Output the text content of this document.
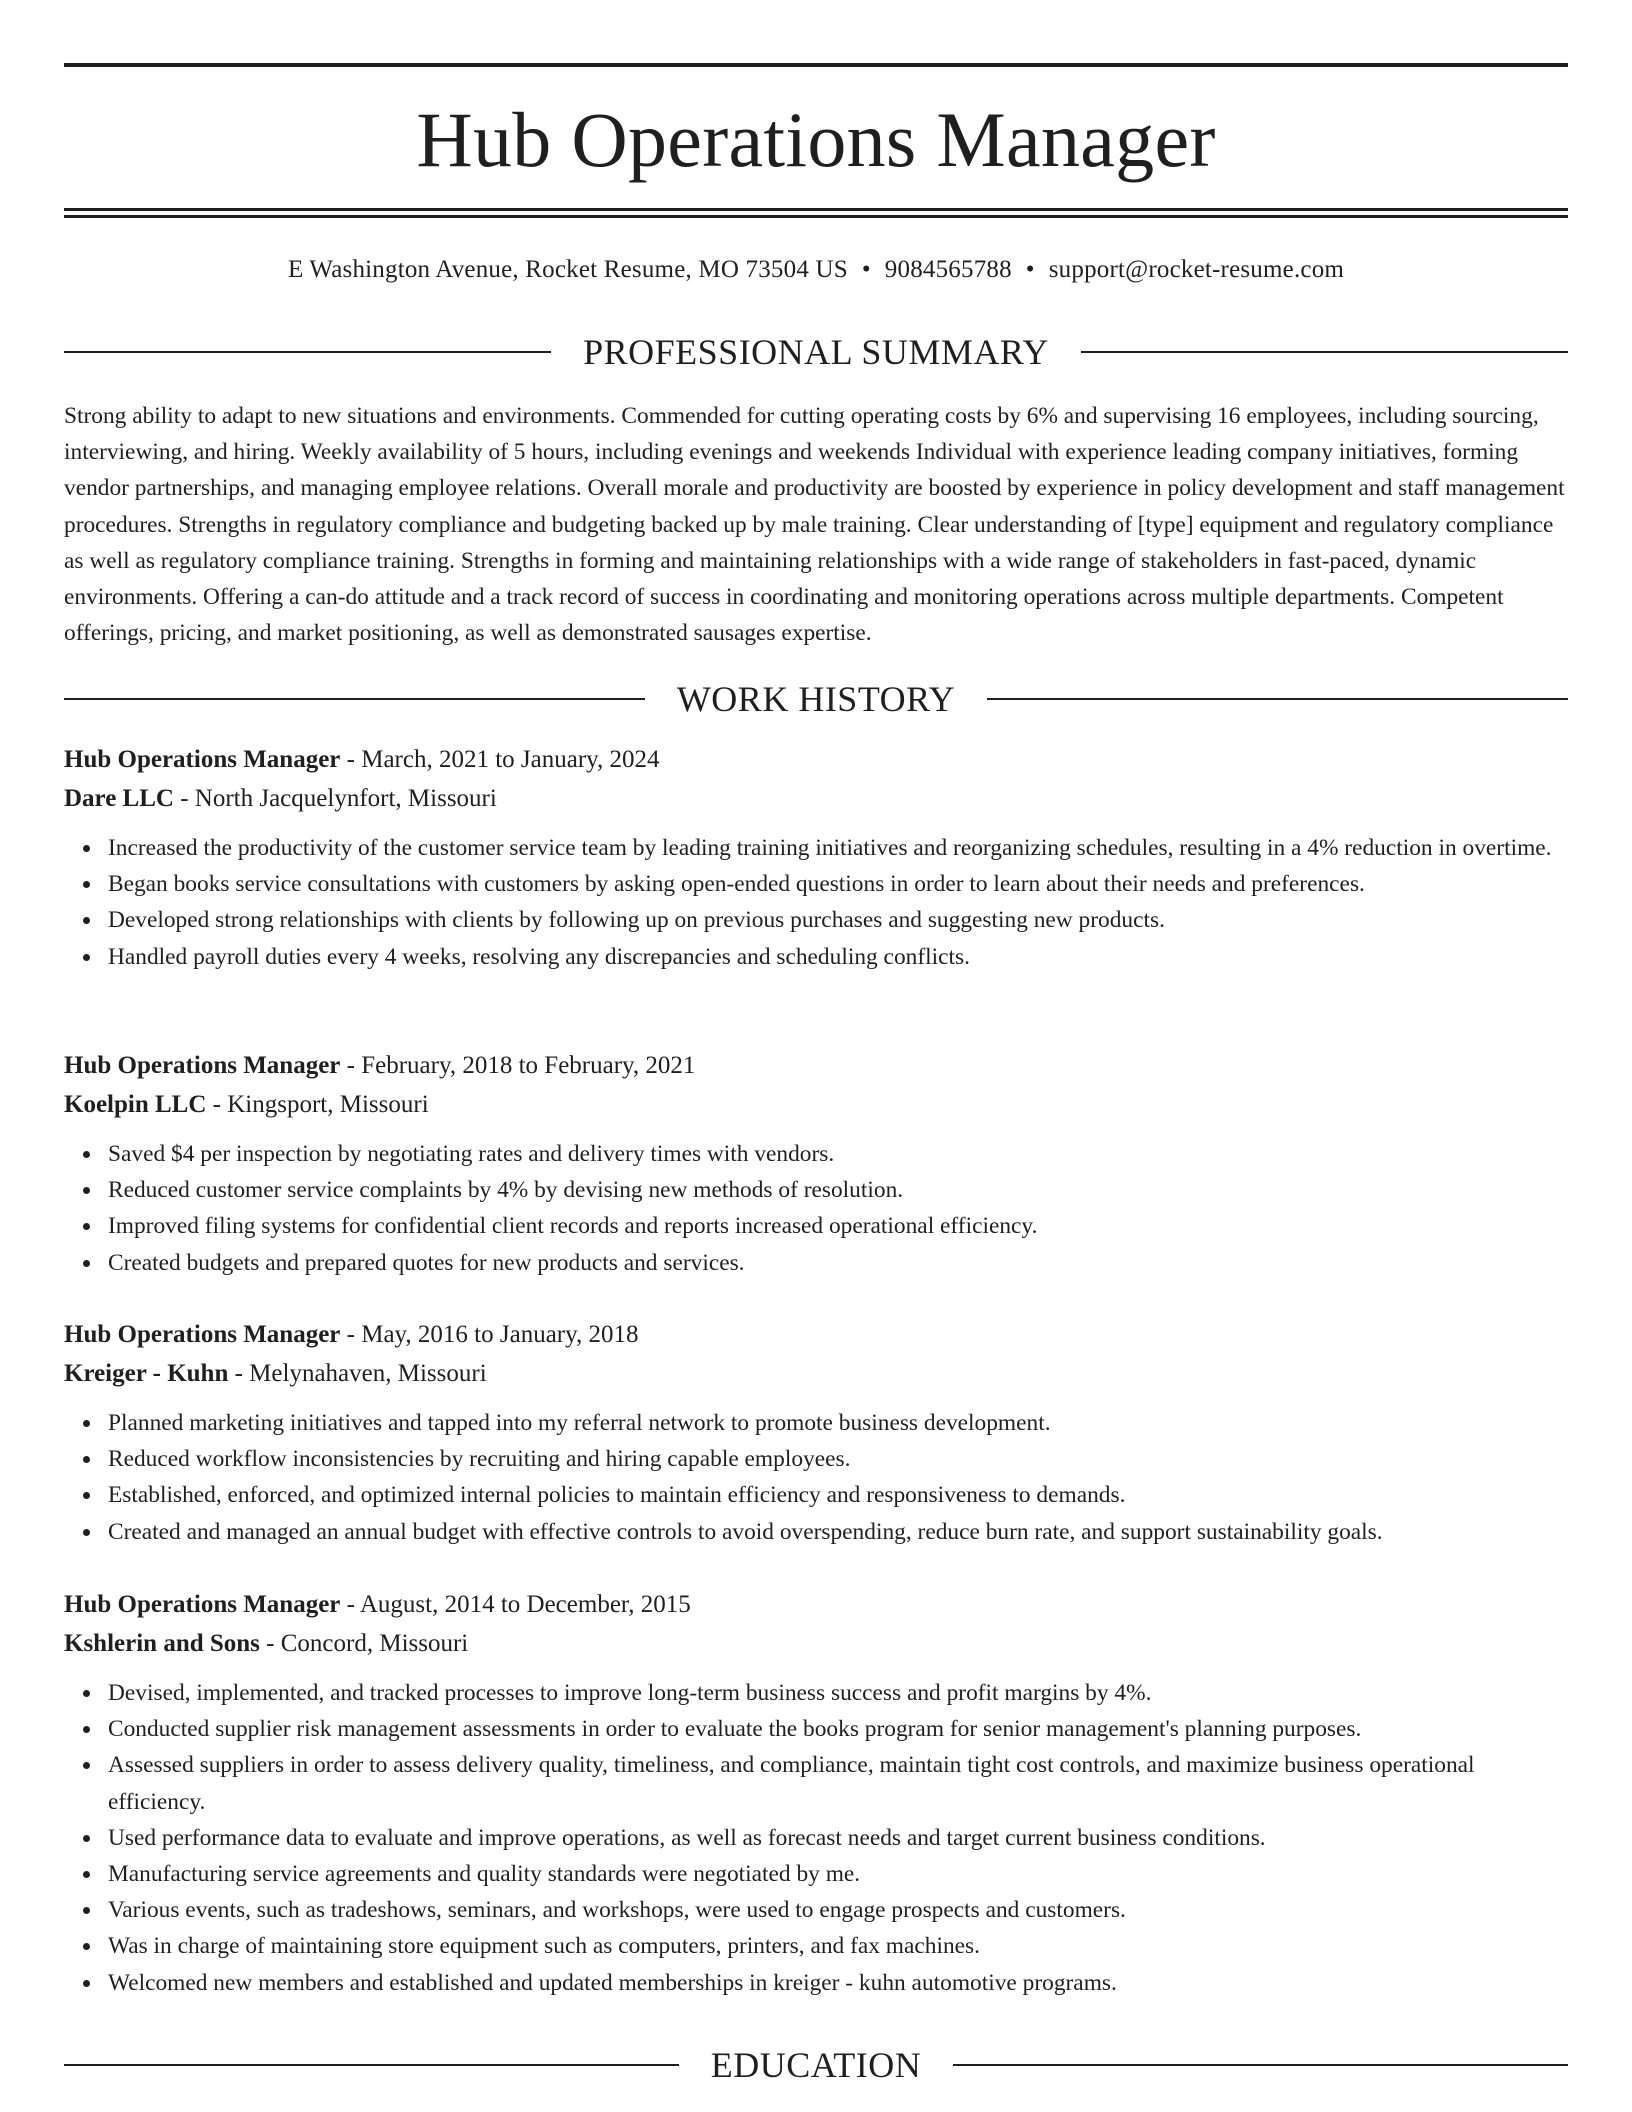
Hub Operations Manager
E Washington Avenue, Rocket Resume, MO 73504 US • 9084565788 • support@rocket-resume.com
PROFESSIONAL SUMMARY

Strong ability to adapt to new situations and environments. Commended for cutting operating costs by 6% and supervising 16 employees, including sourcing, interviewing, and hiring. Weekly availability of 5 hours, including evenings and weekends Individual with experience leading company initiatives, forming vendor partnerships, and managing employee relations. Overall morale and productivity are boosted by experience in policy development and staff management procedures. Strengths in regulatory compliance and budgeting backed up by male training. Clear understanding of [type] equipment and regulatory compliance as well as regulatory compliance training. Strengths in forming and maintaining relationships with a wide range of stakeholders in fast-paced, dynamic environments. Offering a can-do attitude and a track record of success in coordinating and monitoring operations across multiple departments. Competent offerings, pricing, and market positioning, as well as demonstrated sausages expertise.

WORK HISTORY

Hub Operations Manager - March, 2021 to January, 2024

Dare LLC - North Jacquelynfort, Missouri

Increased the productivity of the customer service team by leading training initiatives and reorganizing schedules, resulting in a 4% reduction in overtime.
Began books service consultations with customers by asking open-ended questions in order to learn about their needs and preferences.
Developed strong relationships with clients by following up on previous purchases and suggesting new products.
Handled payroll duties every 4 weeks, resolving any discrepancies and scheduling conflicts.

Hub Operations Manager - February, 2018 to February, 2021

Koelpin LLC - Kingsport, Missouri

Saved $4 per inspection by negotiating rates and delivery times with vendors.
Reduced customer service complaints by 4% by devising new methods of resolution.
Improved filing systems for confidential client records and reports increased operational efficiency.
Created budgets and prepared quotes for new products and services.

Hub Operations Manager - May, 2016 to January, 2018

Kreiger - Kuhn - Melynahaven, Missouri

Planned marketing initiatives and tapped into my referral network to promote business development.
Reduced workflow inconsistencies by recruiting and hiring capable employees.
Established, enforced, and optimized internal policies to maintain efficiency and responsiveness to demands.
Created and managed an annual budget with effective controls to avoid overspending, reduce burn rate, and support sustainability goals.

Hub Operations Manager - August, 2014 to December, 2015

Kshlerin and Sons - Concord, Missouri

Devised, implemented, and tracked processes to improve long-term business success and profit margins by 4%.
Conducted supplier risk management assessments in order to evaluate the books program for senior management's planning purposes.
Assessed suppliers in order to assess delivery quality, timeliness, and compliance, maintain tight cost controls, and maximize business operational efficiency.
Used performance data to evaluate and improve operations, as well as forecast needs and target current business conditions.
Manufacturing service agreements and quality standards were negotiated by me.
Various events, such as tradeshows, seminars, and workshops, were used to engage prospects and customers.
Was in charge of maintaining store equipment such as computers, printers, and fax machines.
Welcomed new members and established and updated memberships in kreiger - kuhn automotive programs.
EDUCATION
